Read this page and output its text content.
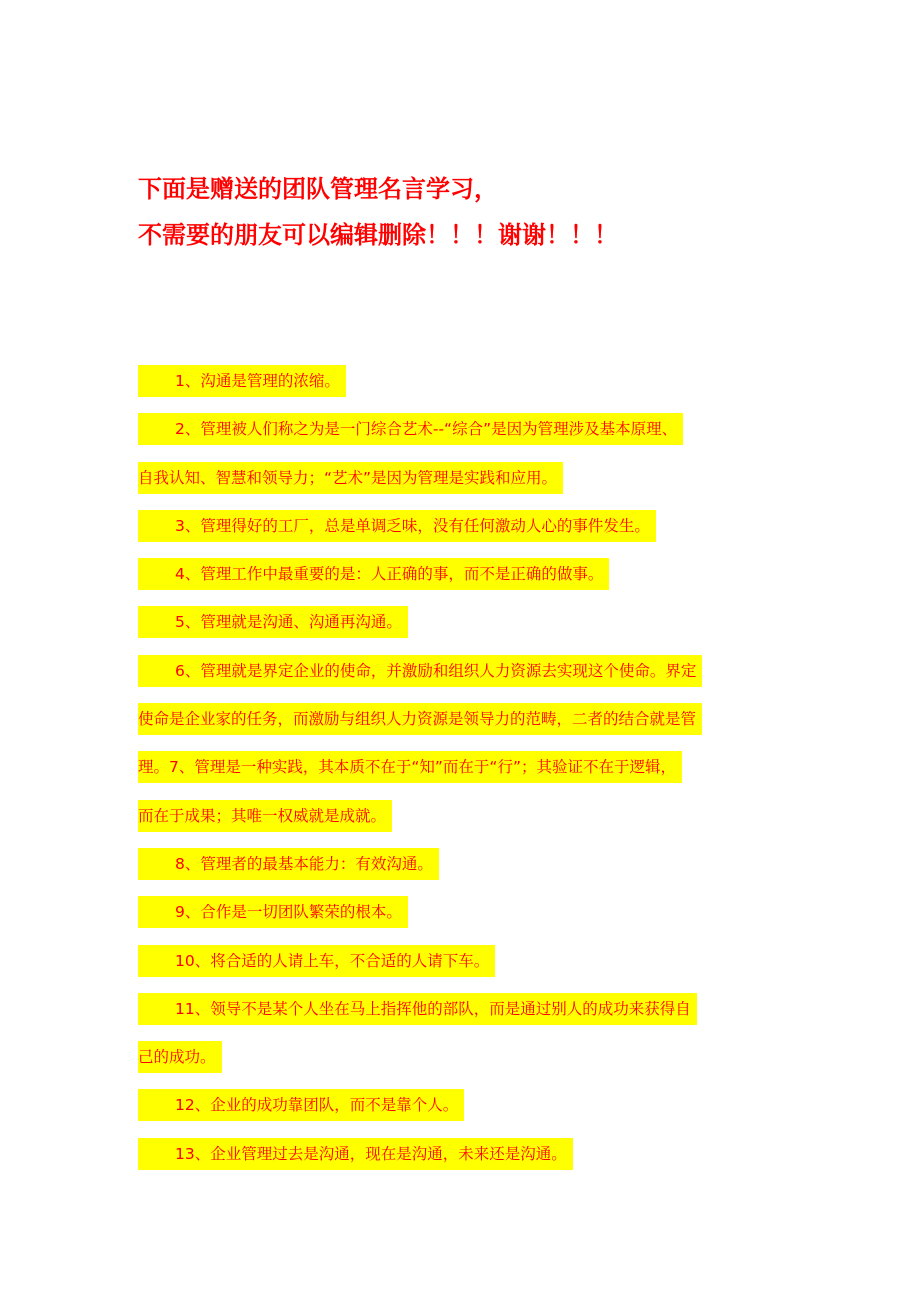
下面是赠送的团队管理名言学习，
不需要的朋友可以编辑删除！！！谢谢！！！
1、沟通是管理的浓缩。
2、管理被人们称之为是一门综合艺术--“综合”是因为管理涉及基本原理、
自我认知、智慧和领导力；“艺术”是因为管理是实践和应用。
3、管理得好的工厂，总是单调乏味，没有任何激动人心的事件发生。
4、管理工作中最重要的是：人正确的事，而不是正确的做事。
5、管理就是沟通、沟通再沟通。
6、管理就是界定企业的使命，并激励和组织人力资源去实现这个使命。界定
使命是企业家的任务，而激励与组织人力资源是领导力的范畴，二者的结合就是管
理。7、管理是一种实践，其本质不在于“知”而在于“行”；其验证不在于逻辑，
而在于成果；其唯一权威就是成就。
8、管理者的最基本能力：有效沟通。
9、合作是一切团队繁荣的根本。
10、将合适的人请上车，不合适的人请下车。
11、领导不是某个人坐在马上指挥他的部队，而是通过别人的成功来获得自
己的成功。
12、企业的成功靠团队，而不是靠个人。
13、企业管理过去是沟通，现在是沟通，未来还是沟通。
